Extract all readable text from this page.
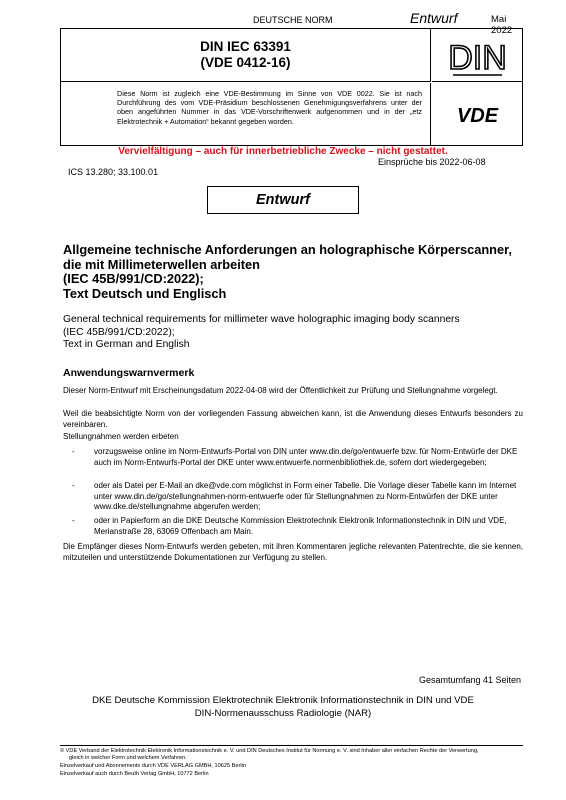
DEUTSCHE NORM	Entwurf	Mai 2022
DIN IEC 63391
(VDE 0412-16)	DIN
Diese Norm ist zugleich eine VDE-Bestimmung im Sinne von VDE 0022. Sie ist nach Durchführung des vom VDE-Präsidium beschlossenen Genehmigungsverfahrens unter der oben angeführten Nummer in das VDE-Vorschriftenwerk aufgenommen und in der „etz Elektrotechnik + Automation“ bekannt gegeben worden.	VDE
Vervielfältigung – auch für innerbetriebliche Zwecke – nicht gestattet.
Einsprüche bis 2022-06-08
ICS 13.280; 33.100.01
Entwurf
Allgemeine technische Anforderungen an holographische Körperscanner,
die mit Millimeterwellen arbeiten
(IEC 45B/991/CD:2022);
Text Deutsch und Englisch
General technical requirements for millimeter wave holographic imaging body scanners
(IEC 45B/991/CD:2022);
Text in German and English
Anwendungswarnvermerk
Dieser Norm-Entwurf mit Erscheinungsdatum 2022-04-08 wird der Öffentlichkeit zur Prüfung und Stellungnahme vorgelegt.
Weil die beabsichtigte Norm von der vorliegenden Fassung abweichen kann, ist die Anwendung dieses Entwurfs besonders zu vereinbaren.
Stellungnahmen werden erbeten
- vorzugsweise online im Norm-Entwurfs-Portal von DIN unter www.din.de/go/entwuerfe bzw. für Norm-Entwürfe der DKE auch im Norm-Entwurfs-Portal der DKE unter www.entwuerfe.normenbibliothek.de, sofern dort wiedergegeben;
- oder als Datei per E-Mail an dke@vde.com möglichst in Form einer Tabelle. Die Vorlage dieser Tabelle kann im Internet unter www.din.de/go/stellungnahmen-norm-entwuerfe oder für Stellungnahmen zu Norm-Entwürfen der DKE unter www.dke.de/stellungnahme abgerufen werden;
- oder in Papierform an die DKE Deutsche Kommission Elektrotechnik Elektronik Informationstechnik in DIN und VDE, Merianstraße 28, 63069 Offenbach am Main.
Die Empfänger dieses Norm-Entwurfs werden gebeten, mit ihren Kommentaren jegliche relevanten Patentrechte, die sie kennen, mitzuteilen und unterstützende Dokumentationen zur Verfügung zu stellen.
Gesamtumfang 41 Seiten
DKE Deutsche Kommission Elektrotechnik Elektronik Informationstechnik in DIN und VDE
DIN-Normenausschuss Radiologie (NAR)
© VDE Verband der Elektrotechnik Elektronik Informationstechnik e. V. und DIN Deutsches Institut für Normung e. V. sind Inhaber aller einfachen Rechte der Verwertung,
gleich in welcher Form und welchem Verfahren.
Einzelverkauf und Abonnements durch VDE VERLAG GMBH, 10625 Berlin
Einzelverkauf auch durch Beuth Verlag GmbH, 10772 Berlin
